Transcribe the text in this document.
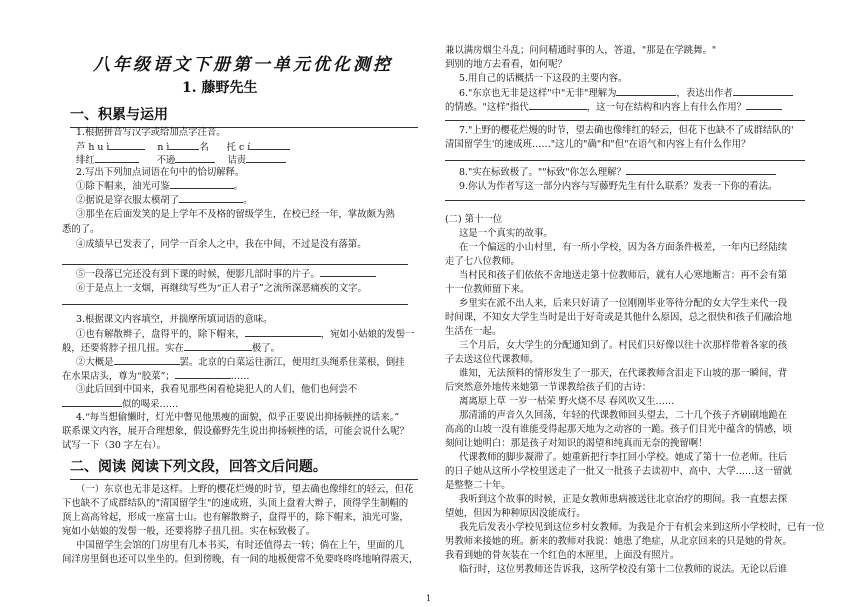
八年级语文下册第一单元优化测控
1. 藤野先生
一、积累与运用
1.根据拼音写汉字或给加点字注音。
芦 h u ì	n ì	名 托 c í
绯红	不逊	诘责
2.写出下列加点词语在句中的恰切解释。
①除下帽来，油光可鉴	。
②据说是穿衣服太模胡了	。
③那坐在后面发笑的是上学年不及格的留级学生，在校已经一年，掌故颇为熟
悉的了。
④成绩早已发表了，同学一百余人之中，我在中间，不过是没有落第。
⑤一段落已完还没有到下课的时候，便影几部时事的片子。
⑥于是点上一支烟，再继续写些为“正人君子”之流所深恶痛疾的文字。
3.根据课文内容填空，并揣摩所填词语的意味。
①也有解散辫子，盘得平的，除下帽来，	，宛如小姑娘的发髻一
般，还要将脖子扭几扭。实在	极了。
②大概是	罢。北京的白菜运往浙江，便用红头绳系住菜根，倒挂
在水果店头，尊为“胶菜”；	……
③此后回到中国来，我看见那些闲看枪毙犯人的人们，他们也何尝不
似的喝采……
4.“每当想偷懒时，灯光中瞥见他黑瘦的面貌，似乎正要说出抑扬顿挫的话来。”
联系课文内容，展开合理想象，假设藤野先生说出抑扬顿挫的话，可能会说什么呢？
试写一下（30 字左右）。
二、阅读 阅读下列文段，回答文后问题。
（一）东京也无非是这样。上野的樱花烂熳的时节，望去确也像绯红的轻云，但花
下也缺不了成群结队的"清国留学生"的速成班，头顶上盘着大辫子，顶得学生制帽的
顶上高高耸起，形成一座富士山。也有解散辫子，盘得平的，除下帽来，油光可鉴，
宛如小姑娘的发髻一般，还要将脖子扭几扭。实在标致极了。
中国留学生会馆的门房里有几本书买，有时还值得去一转；倘在上午，里面的几
间洋房里倒也还可以坐坐的。但到傍晚，有一间的地板便常不免要咚咚咚地响得震天，
兼以满房烟尘斗乱；问问精通时事的人，答道，"那是在学跳舞。"
到别的地方去看看，如何呢？
5.用自己的话概括一下这段的主要内容。
6."东京也无非是这样"中"无非"理解为	，表达出作者
的情感。"这样"指代	，这一句在结构和内容上有什么作用？
7."上野的樱花烂熳的时节，望去确也像绯红的轻云，但花下也缺不了成群结队的'
清国留学生'的速成班……"这儿的"确"和"但"在语气和内容上有什么作用？
8."实在标致极了。""标致"你怎么理解？
9.你认为作者写这一部分内容与写藤野先生有什么联系？发表一下你的看法。
(二) 第十一位
这是一个真实的故事。
在一个偏远的小山村里，有一所小学校，因为各方面条件极差，一年内已经陆续
走了七八位教师。
当村民和孩子们依依不舍地送走第十位教师后，就有人心寒地断言：再不会有第
十一位教师留下来。
乡里实在派不出人来，后来只好请了一位刚刚毕业等待分配的女大学生来代一段
时间课，不知女大学生当时是出于好奇或是其他什么原因，总之很快和孩子们融洽地
生活在一起。
三个月后，女大学生的分配通知到了。村民们只好像以往十次那样带着各家的孩
子去送这位代课教师。
谁知，无法预料的情形发生了一那天，在代课教师含泪走下山坡的那一瞬间，背
后突然意外地传来她第一节课教给孩子们的古诗：
离离原上草 一岁一枯荣 野火烧不尽 春风吹又生……
那清涌的声音久久回荡，年轻的代课教师回头望去，二十几个孩子齐刷刷地跪在
高高的山坡一没有谁能受得起那天地为之动容的一跪。孩子们目光中蕴含的情感，顷
刻间让她明白：那是孩子对知识的渴望和纯真而无奈的挽留啊！
代课教师的脚步凝滞了。她重新把行李扛回小学校。她成了第十一位老师。往后
的日子她从这所小学校里送走了一批又一批孩子去读初中、高中、大学……这一留就
是整整二十年。
我听到这个故事的时候，正是女教师患病被送往北京治疗的期间。我一直想去探
望她，但因为种种原因没能成行。
我先后发表小学校见到这位乡村女教师。为我是介于有机会来到这所小学校时，已有一位
男教师来接她的班。新来的教师对我说：她患了绝症，从北京回来的只是她的骨灰。
我看到她的骨灰装在一个红色的木匣里，上面没有照片。
临行时，这位男教师还告诉我，这所学校没有第十二位教师的说法。无论以后谁
1
